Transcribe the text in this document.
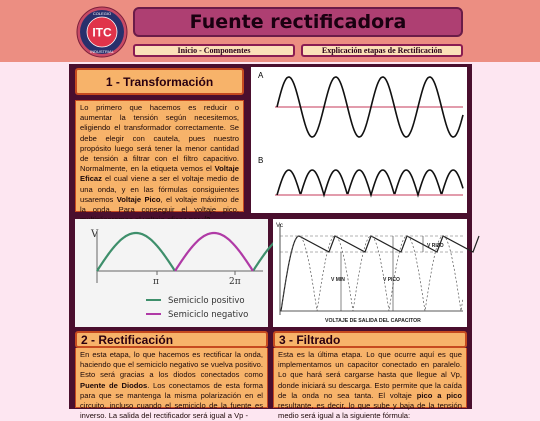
ITC
COLEGIO
INDUSTRIAL
Fuente rectificadora
Inicio - Componentes	Explicación etapas de Rectificación
1 - Transformación
Lo primero que hacemos es reducir o aumentar la tensión según necesitemos, eligiendo el transformador correctamente. Se debe elegir con cautela, pues nuestro propósito luego será tener la menor cantidad de tensión a filtrar con el filtro capacitivo. Normalmente, en la etiqueta vemos el Voltaje Eficaz el cual viene a ser el voltaje medio de una onda, y en las fórmulas consiguientes usaremos Voltaje Pico, el voltaje máximo de la onda. Para conseguir el voltaje pico,
A
B
V
π	2π
Semiciclo positivo
Semiciclo negativo
Vc
V RIZO
V MIN	V PICO
VOLTAJE DE SALIDA DEL CAPACITOR
2 - Rectificación
En esta etapa, lo que hacemos es rectificar la onda, haciendo que el semiciclo negativo se vuelva positivo. Esto será gracias a los diodos conectados como Puente de Diodos. Los conectamos de esta forma para que se mantenga la misma polarización en el circuito, incluso cuando el semiciclo de la fuente es inverso. La salida del rectificador será igual a Vp -
3 - Filtrado
Esta es la última etapa. Lo que ocurre aquí es que implementamos un capacitor conectado en paralelo. Lo que hará será cargarse hasta que llegue al Vp, donde iniciará su descarga. Esto permite que la caída de la onda no sea tanta. El voltaje pico a pico resultante, es decir, lo que sube y baja de la tensión medio será igual a la siguiente fórmula:
